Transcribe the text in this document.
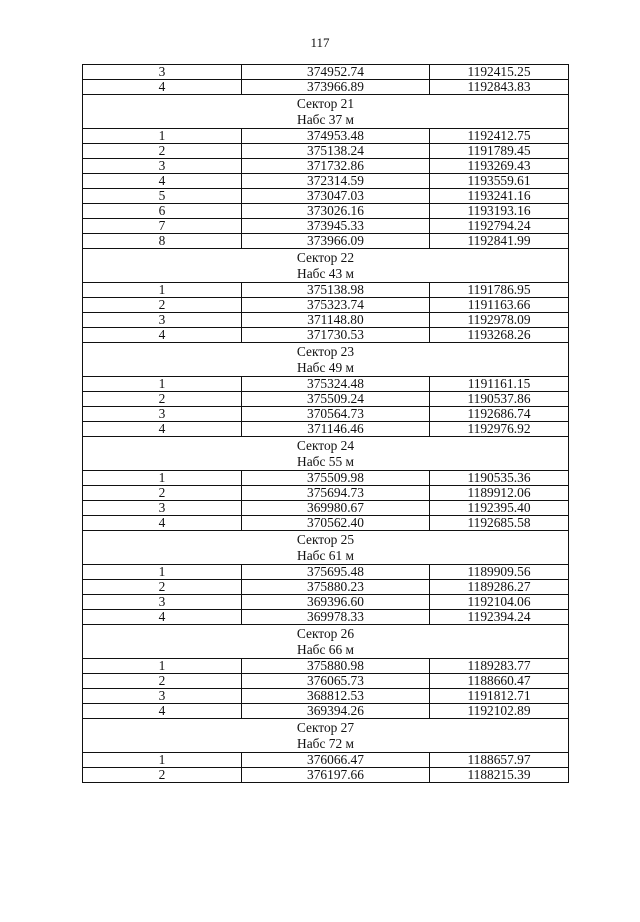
117
3	374952.74	1192415.25
4	373966.89	1192843.83

Сектор 21
Набс 37 м		

1	374953.48	1192412.75
2	375138.24	1191789.45
3	371732.86	1193269.43
4	372314.59	1193559.61
5	373047.03	1193241.16
6	373026.16	1193193.16
7	373945.33	1192794.24
8	373966.09	1192841.99

Сектор 22
Набс 43 м		

1	375138.98	1191786.95
2	375323.74	1191163.66
3	371148.80	1192978.09
4	371730.53	1193268.26

Сектор 23
Набс 49 м		

1	375324.48	1191161.15
2	375509.24	1190537.86
3	370564.73	1192686.74
4	371146.46	1192976.92

Сектор 24
Набс 55 м		

1	375509.98	1190535.36
2	375694.73	1189912.06
3	369980.67	1192395.40
4	370562.40	1192685.58

Сектор 25
Набс 61 м		

1	375695.48	1189909.56
2	375880.23	1189286.27
3	369396.60	1192104.06
4	369978.33	1192394.24

Сектор 26
Набс 66 м		

1	375880.98	1189283.77
2	376065.73	1188660.47
3	368812.53	1191812.71
4	369394.26	1192102.89

Сектор 27
Набс 72 м		

1	376066.47	1188657.97
2	376197.66	1188215.39
